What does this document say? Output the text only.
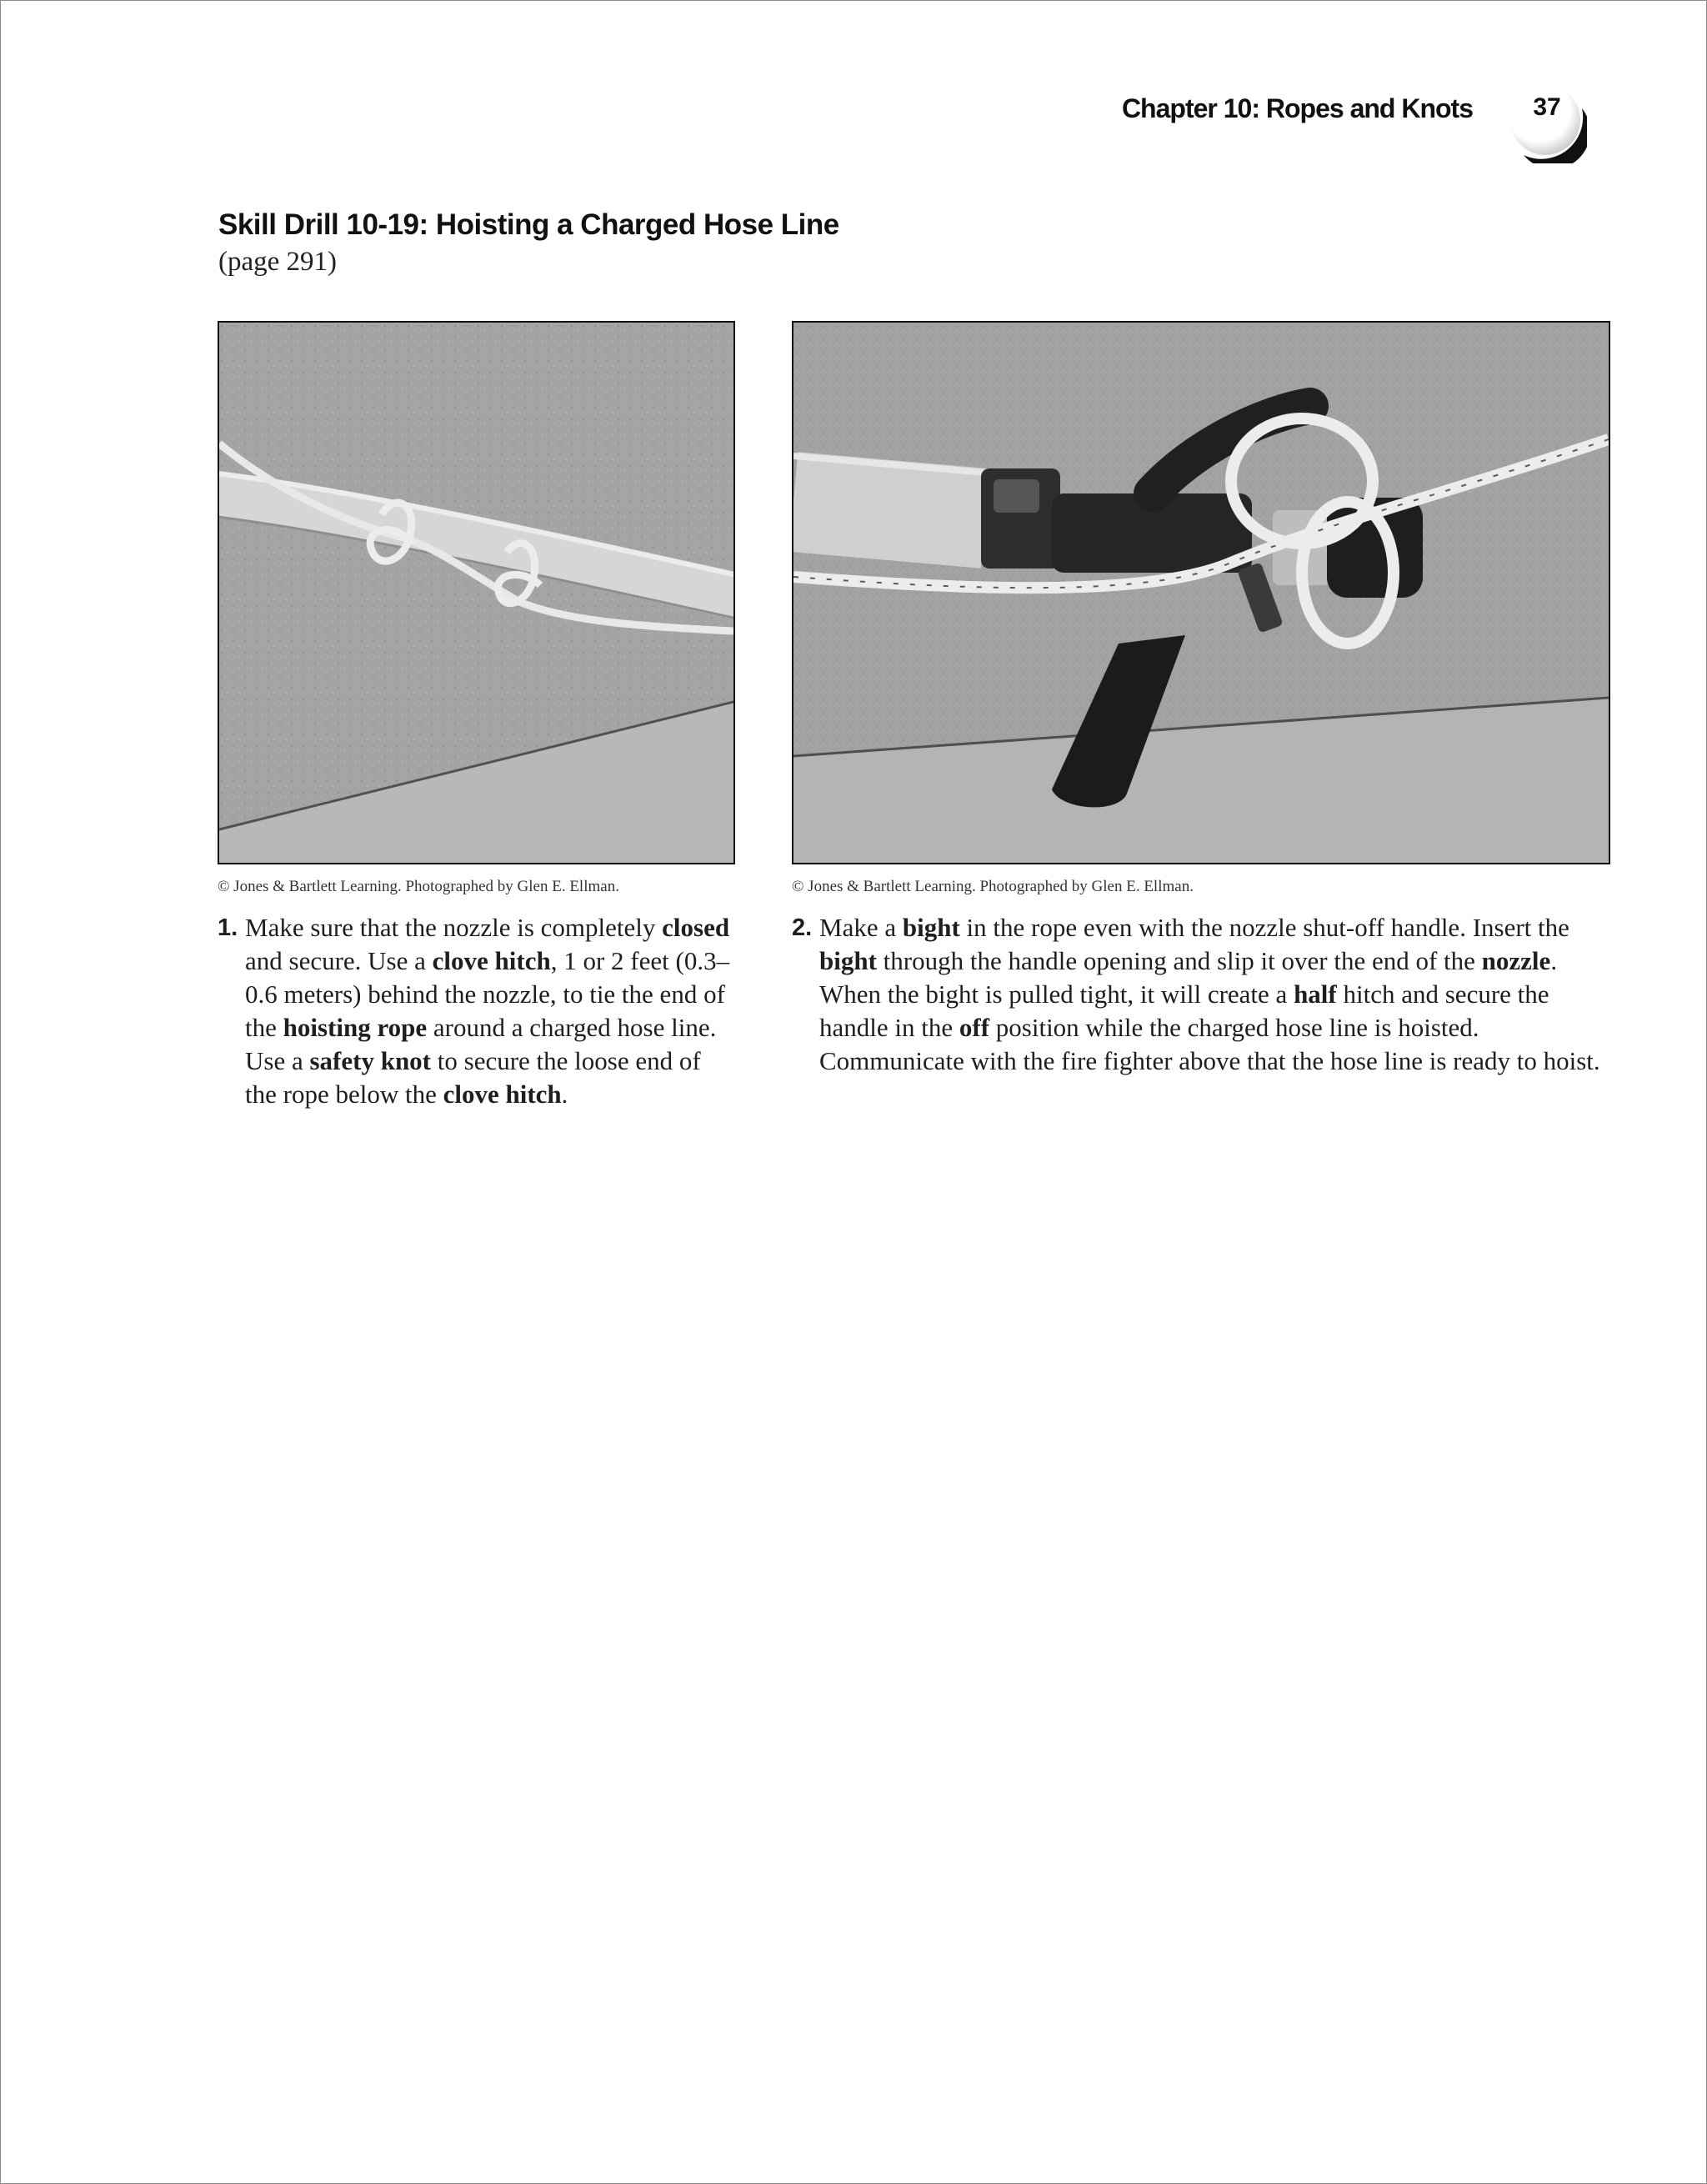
Chapter 10: Ropes and Knots	37
Skill Drill 10-19: Hoisting a Charged Hose Line
(page 291)
© Jones & Bartlett Learning. Photographed by Glen E. Ellman.	© Jones & Bartlett Learning. Photographed by Glen E. Ellman.
1. Make sure that the nozzle is completely closed and secure. Use a clove hitch, 1 or 2 feet (0.3–0.6 meters) behind the nozzle, to tie the end of the hoisting rope around a charged hose line. Use a safety knot to secure the loose end of the rope below the clove hitch.
2. Make a bight in the rope even with the nozzle shut-off handle. Insert the bight through the handle opening and slip it over the end of the nozzle. When the bight is pulled tight, it will create a half hitch and secure the handle in the off position while the charged hose line is hoisted. Communicate with the fire fighter above that the hose line is ready to hoist.
